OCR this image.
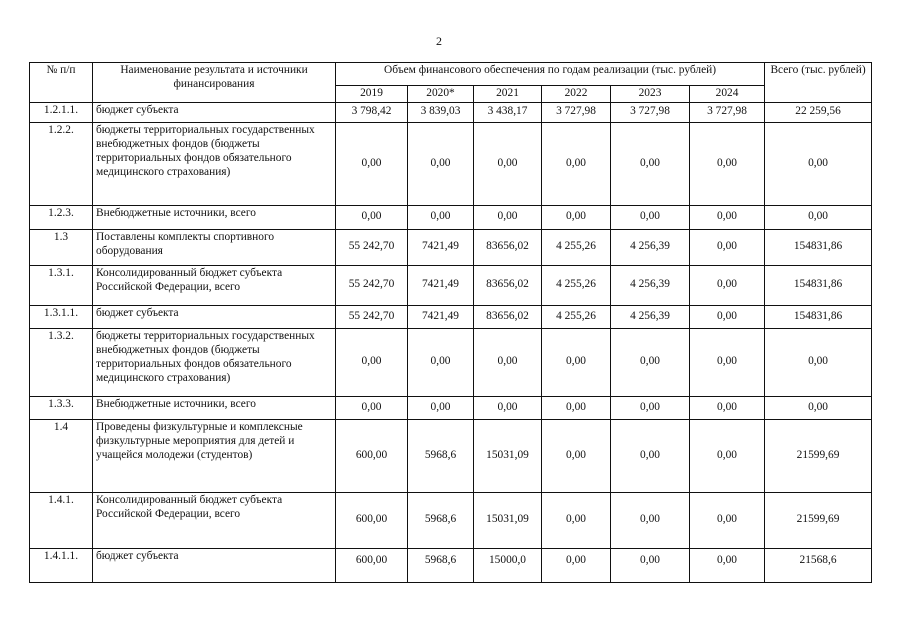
2
№ п/п	Наименование результата и источники финансирования	Объем финансового обеспечения по годам реализации (тыс. рублей)						Всего (тыс. рублей)
		2019	2020*	2021	2022	2023	2024	
1.2.1.1.	бюджет субъекта	3 798,42	3 839,03	3 438,17	3 727,98	3 727,98	3 727,98	22 259,56
1.2.2.	бюджеты территориальных государственных внебюджетных фондов (бюджеты территориальных фондов обязательного медицинского страхования)	0,00	0,00	0,00	0,00	0,00	0,00	0,00
1.2.3.	Внебюджетные источники, всего	0,00	0,00	0,00	0,00	0,00	0,00	0,00
1.3	Поставлены комплекты спортивного оборудования	55 242,70	7421,49	83656,02	4 255,26	4 256,39	0,00	154831,86
1.3.1.	Консолидированный бюджет субъекта Российской Федерации, всего	55 242,70	7421,49	83656,02	4 255,26	4 256,39	0,00	154831,86
1.3.1.1.	бюджет субъекта	55 242,70	7421,49	83656,02	4 255,26	4 256,39	0,00	154831,86
1.3.2.	бюджеты территориальных государственных внебюджетных фондов (бюджеты территориальных фондов обязательного медицинского страхования)	0,00	0,00	0,00	0,00	0,00	0,00	0,00
1.3.3.	Внебюджетные источники, всего	0,00	0,00	0,00	0,00	0,00	0,00	0,00
1.4	Проведены физкультурные и комплексные физкультурные мероприятия для детей и учащейся молодежи (студентов)	600,00	5968,6	15031,09	0,00	0,00	0,00	21599,69
1.4.1.	Консолидированный бюджет субъекта Российской Федерации, всего	600,00	5968,6	15031,09	0,00	0,00	0,00	21599,69
1.4.1.1.	бюджет субъекта	600,00	5968,6	15000,0	0,00	0,00	0,00	21568,6
